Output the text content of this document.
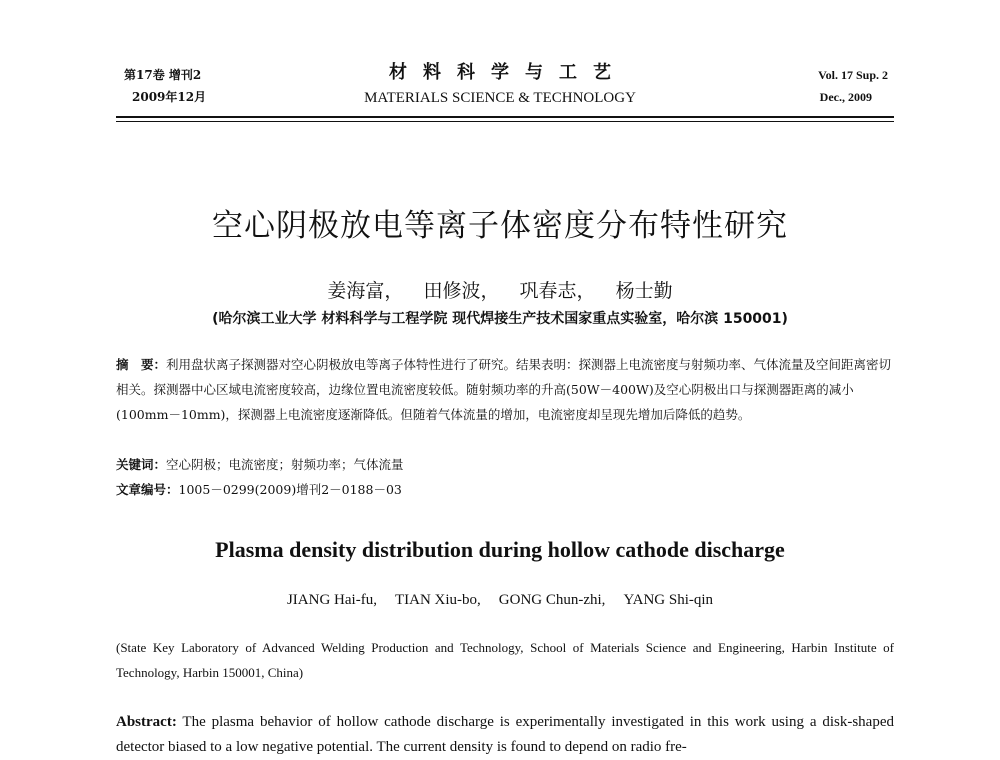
第17卷 增刊2
2009年12月
材料科学与工艺
MATERIALS SCIENCE & TECHNOLOGY
Vol. 17 Sup. 2
Dec., 2009
空心阴极放电等离子体密度分布特性研究
姜海富， 田修波， 巩春志， 杨士勤
(哈尔滨工业大学 材料科学与工程学院 现代焊接生产技术国家重点实验室，哈尔滨 150001)
摘　要：利用盘状离子探测器对空心阴极放电等离子体特性进行了研究。结果表明：探测器上电流密度与射频功率、气体流量及空间距离密切相关。探测器中心区域电流密度较高，边缘位置电流密度较低。随射频功率的升高(50W－400W)及空心阴极出口与探测器距离的减小(100mm－10mm)，探测器上电流密度逐渐降低。但随着气体流量的增加，电流密度却呈现先增加后降低的趋势。
关键词：空心阴极；电流密度；射频功率；气体流量
文章编号：1005－0299(2009)增刊2－0188－03
Plasma density distribution during hollow cathode discharge
JIANG Hai-fu, TIAN Xiu-bo, GONG Chun-zhi, YANG Shi-qin
(State Key Laboratory of Advanced Welding Production and Technology, School of Materials Science and Engineering, Harbin Institute of Technology, Harbin 150001, China)
Abstract: The plasma behavior of hollow cathode discharge is experimentally investigated in this work using a disk-shaped detector biased to a low negative potential. The current density is found to depend on radio fre-
